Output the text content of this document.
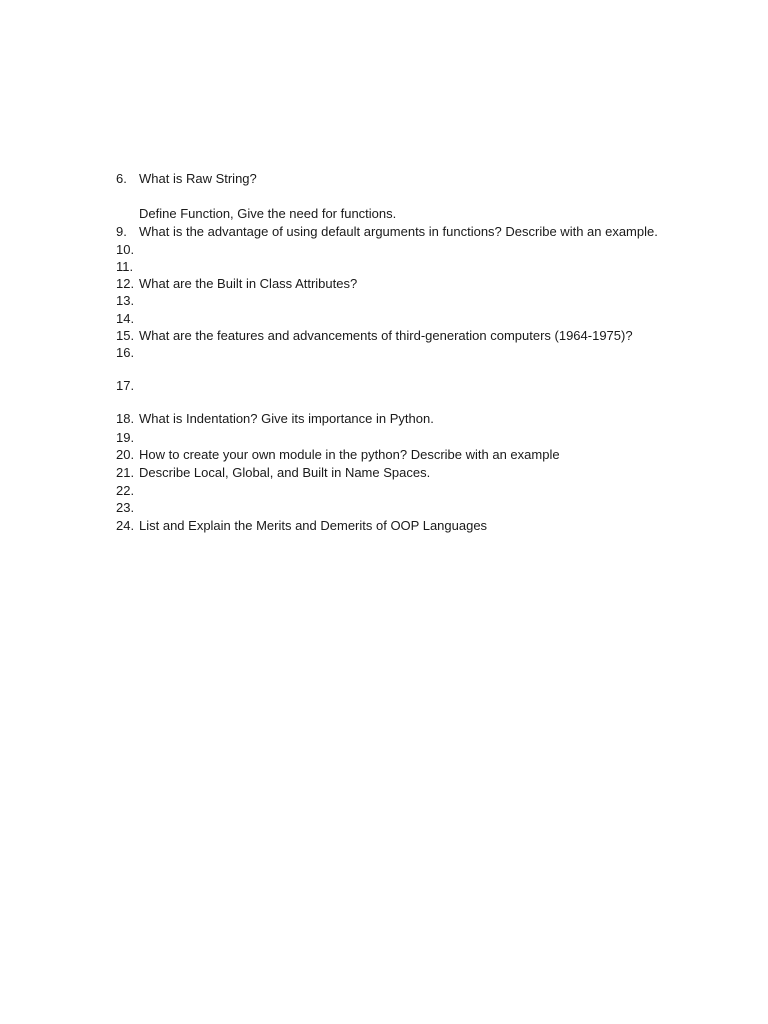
6. What is Raw String?
Define Function, Give the need for functions.
9. What is the advantage of using default arguments in functions? Describe with an example.
10.
11.
12. What are the Built in Class Attributes?
13.
14.
15. What are the features and advancements of third-generation computers (1964-1975)?
16.
17.
18. What is Indentation? Give its importance in Python.
19.
20. How to create your own module in the python? Describe with an example
21. Describe Local, Global, and Built in Name Spaces.
22.
23.
24. List and Explain the Merits and Demerits of OOP Languages
